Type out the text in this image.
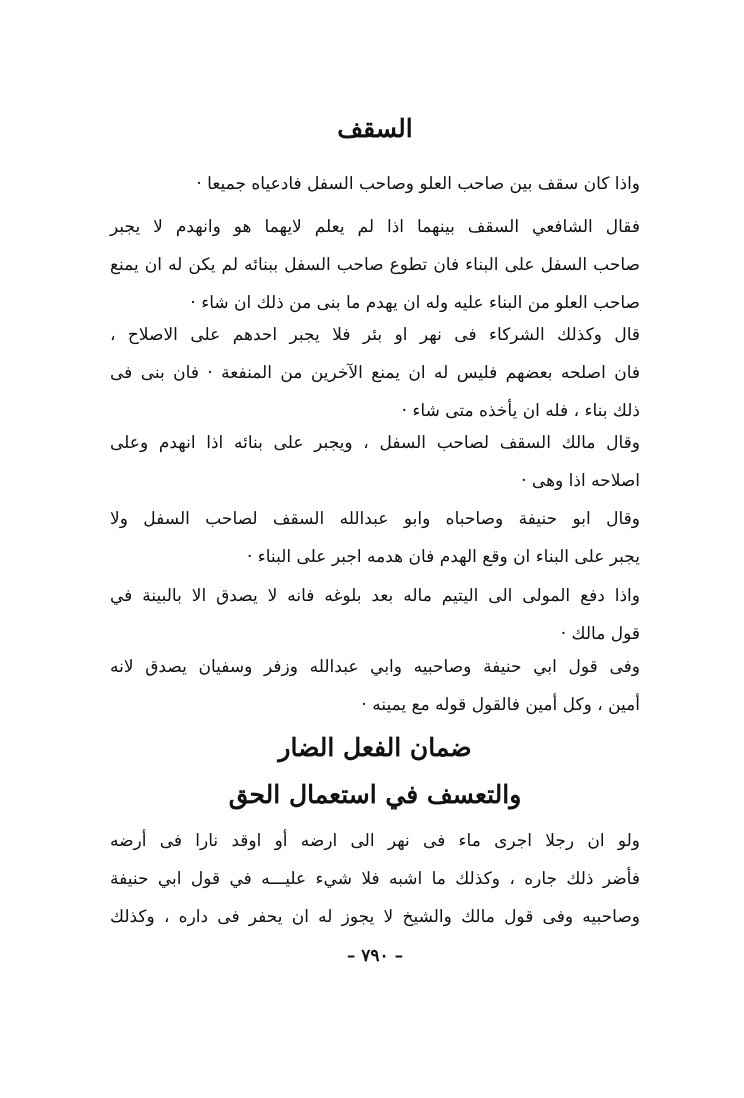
السقف
واذا كان سقف بين صاحب العلو وصاحب السفل فادعياه جميعا ·
فقال الشافعي السقف بينهما اذا لم يعلم لايهما هو وانهدم لا يجبر
صاحب السفل على البناء فان تطوع صاحب السفل ببنائه لم يكن له ان يمنع
صاحب العلو من البناء عليه وله ان يهدم ما بنى من ذلك ان شاء ·
قال وكذلك الشركاء فى نهر او بئر فلا يجبر احدهم على الاصلاح ،
فان اصلحه بعضهم فليس له ان يمنع الآخرين من المنفعة · فان بنى فى
ذلك بناء ، فله ان يأخذه متى شاء ·
وقال مالك السقف لصاحب السفل ، ويجبر على بنائه اذا انهدم وعلى
اصلاحه اذا وهى ·
وقال ابو حنيفة وصاحباه وابو عبدالله السقف لصاحب السفل ولا
يجبر على البناء ان وقع الهدم فان هدمه اجبر على البناء ·
واذا دفع المولى الى اليتيم ماله بعد بلوغه فانه لا يصدق الا بالبينة في
قول مالك ·
وفى قول ابي حنيفة وصاحبيه وابي عبدالله وزفر وسفيان يصدق لانه
أمين ، وكل أمين فالقول قوله مع يمينه ·
ضمان الفعل الضار
والتعسف في استعمال الحق
ولو ان رجلا اجرى ماء فى نهر الى ارضه أو اوقد نارا فى أرضه
فأضر ذلك جاره ، وكذلك ما اشبه فلا شيء عليـــه في قول ابي حنيفة
وصاحبيه وفى قول مالك والشيخ لا يجوز له ان يحفر فى داره ، وكذلك
– ٧٩٠ –
